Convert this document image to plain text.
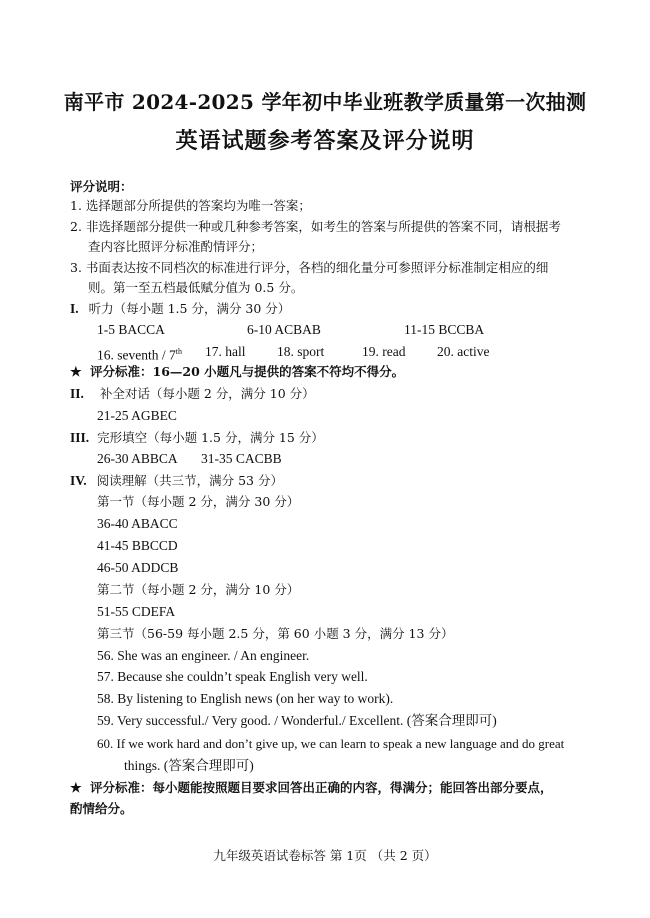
南平市 2024-2025 学年初中毕业班教学质量第一次抽测
英语试题参考答案及评分说明
评分说明：
1. 选择题部分所提供的答案均为唯一答案；
2. 非选择题部分提供一种或几种参考答案，如考生的答案与所提供的答案不同，请根据考
查内容比照评分标准酌情评分；
3. 书面表达按不同档次的标准进行评分，各档的细化量分可参照评分标准制定相应的细
则。第一至五档最低赋分值为 0.5 分。
I. 听力（每小题 1.5 分，满分 30 分）
1-5 BACCA	6-10 ACBAB	11-15 BCCBA
16. seventh / 7th 17. hall 18. sport	19. read 20. active
★ 评分标准：16—20 小题凡与提供的答案不符均不得分。
II. 补全对话（每小题 2 分，满分 10 分）
21-25 AGBEC
III. 完形填空（每小题 1.5 分，满分 15 分）
26-30 ABBCA 31-35 CACBB
IV. 阅读理解（共三节，满分 53 分）
第一节（每小题 2 分，满分 30 分）
36-40 ABACC
41-45 BBCCD
46-50 ADDCB
第二节（每小题 2 分，满分 10 分）
51-55 CDEFA
第三节（56-59 每小题 2.5 分，第 60 小题 3 分，满分 13 分）
56. She was an engineer. / An engineer.
57. Because she couldn’t speak English very well.
58. By listening to English news (on her way to work).
59. Very successful./ Very good. / Wonderful./ Excellent. (答案合理即可)
60. If we work hard and don’t give up, we can learn to speak a new language and do great
things. (答案合理即可)
★ 评分标准：每小题能按照题目要求回答出正确的内容，得满分；能回答出部分要点，
酌情给分。
九年级英语试卷标答 第 1页 （共 2 页）
